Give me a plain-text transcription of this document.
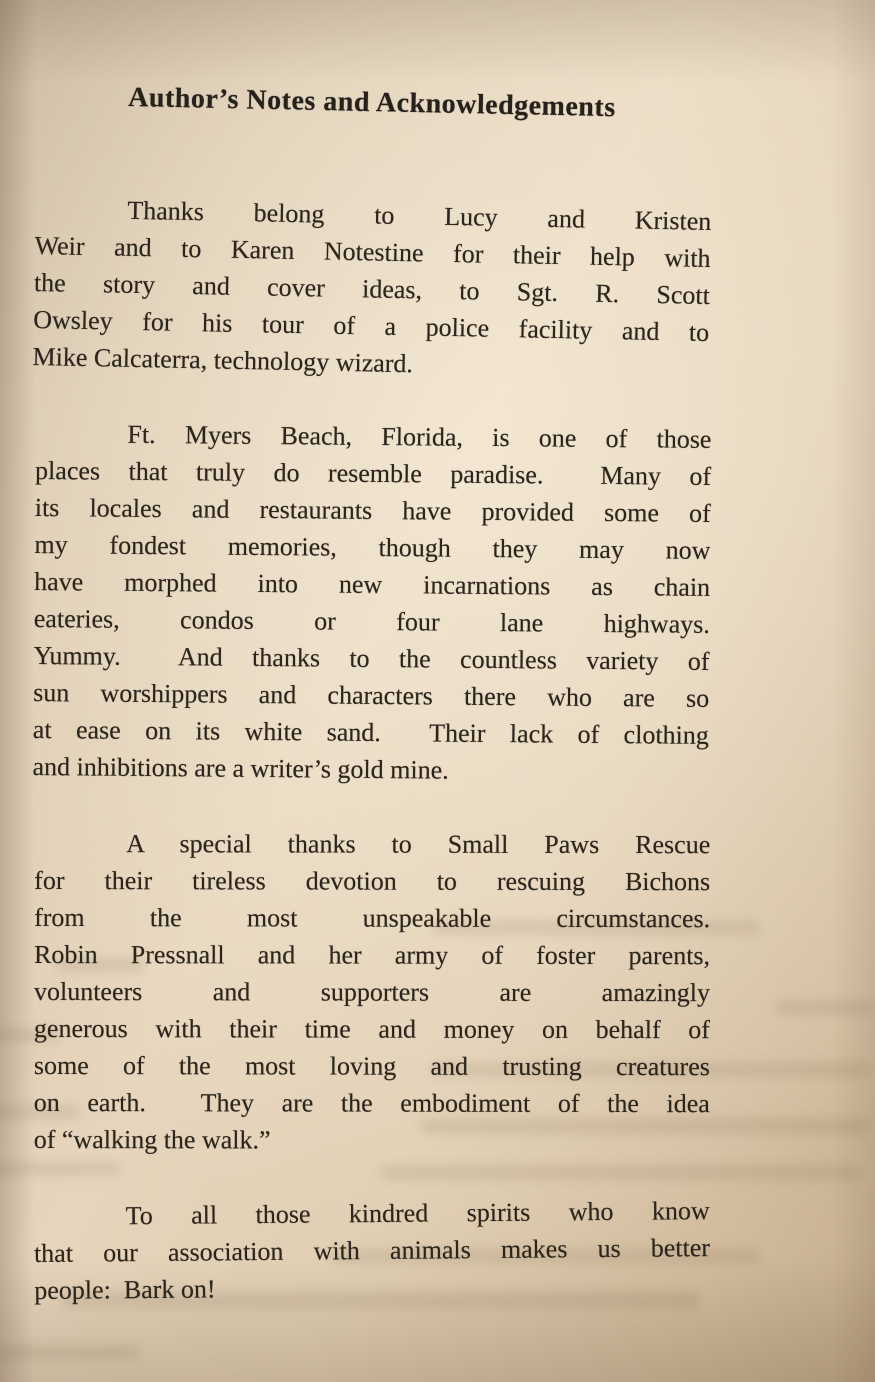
Author’s Notes and Acknowledgements
Thanks belong to Lucy and Kristen
Weir and to Karen Notestine for their help with
the story and cover ideas, to Sgt. R. Scott
Owsley for his tour of a police facility and to
Mike Calcaterra, technology wizard.
Ft. Myers Beach, Florida, is one of those
places that truly do resemble paradise.  Many of
its locales and restaurants have provided some of
my fondest memories, though they may now
have morphed into new incarnations as chain
eateries, condos or four lane highways.
Yummy.  And thanks to the countless variety of
sun worshippers and characters there who are so
at ease on its white sand.  Their lack of clothing
and inhibitions are a writer’s gold mine.
A special thanks to Small Paws Rescue
for their tireless devotion to rescuing Bichons
from the most unspeakable circumstances.
Robin Pressnall and her army of foster parents,
volunteers and supporters are amazingly
generous with their time and money on behalf of
some of the most loving and trusting creatures
on earth.  They are the embodiment of the idea
of “walking the walk.”
To all those kindred spirits who know
that our association with animals makes us better
people:  Bark on!
